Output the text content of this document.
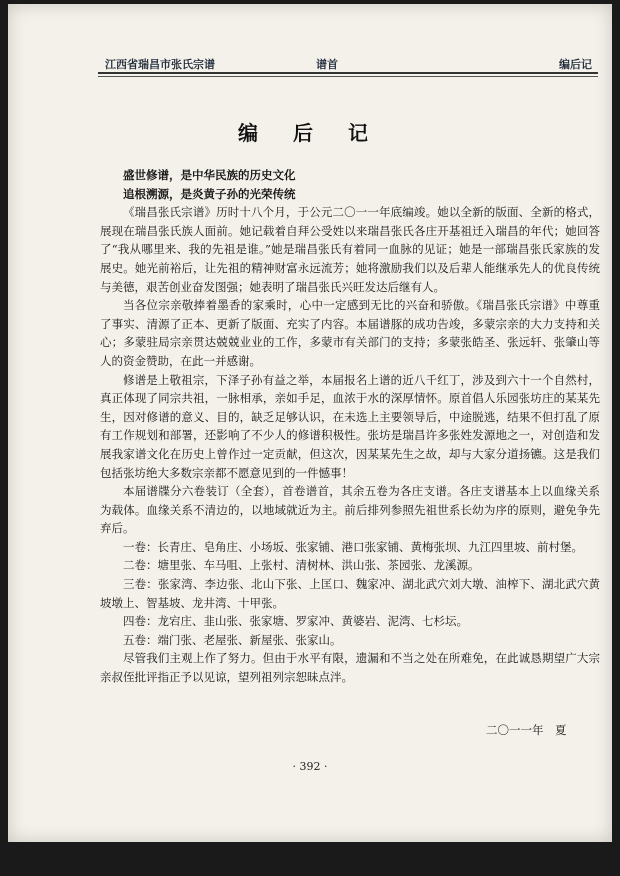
江西省瑞昌市张氏宗谱	谱首	编后记
编 后 记

盛世修谱，是中华民族的历史文化

追根溯源，是炎黄子孙的光荣传统

《瑞昌张氏宗谱》历时十八个月，于公元二〇一一年底编竣。她以全新的版面、全新的格式，展现在瑞昌张氏族人面前。她记载着自拜公受姓以来瑞昌张氏各庄开基祖迁入瑞昌的年代；她回答了“我从哪里来、我的先祖是谁。”她是瑞昌张氏有着同一血脉的见证；她是一部瑞昌张氏家族的发展史。她光前裕后，让先祖的精神财富永远流芳；她将激励我们以及后辈人能继承先人的优良传统与美德，艰苦创业奋发图强；她表明了瑞昌张氏兴旺发达后继有人。

当各位宗亲敬捧着墨香的家乘时，心中一定感到无比的兴奋和骄傲。《瑞昌张氏宗谱》中尊重了事实、清源了正本、更新了版面、充实了内容。本届谱豚的成功告竣，多蒙宗亲的大力支持和关心；多蒙驻局宗亲贯达兢兢业业的工作，多蒙市有关部门的支持；多蒙张皓圣、张远轩、张肇山等人的资金赞助，在此一并感谢。

修谱是上敬祖宗，下泽子孙有益之举，本届报名上谱的近八千红丁，涉及到六十一个自然村，真正体现了同宗共祖，一脉相承，亲如手足，血浓于水的深厚情怀。原首倡人乐园张坊庄的某某先生，因对修谱的意义、目的，缺乏足够认识，在未选上主要领导后，中途脱逃，结果不但打乱了原有工作规划和部署，还影响了不少人的修谱积极性。张坊是瑞昌许多张姓发源地之一，对创造和发展我家谱文化在历史上曾作过一定贡献，但这次，因某某先生之故，却与大家分道扬镳。这是我们包括张坊绝大多数宗亲都不愿意见到的一件憾事！

本届谱牒分六卷装订（全套），首卷谱首，其余五卷为各庄支谱。各庄支谱基本上以血缘关系为载体。血缘关系不清边的，以地域就近为主。前后排列参照先祖世系长幼为序的原则，避免争先弃后。

一卷：长青庄、皂角庄、小场坂、张家铺、港口张家铺、黄梅张坝、九江四里坡、前村堡。

二卷：塘里张、车马咀、上张村、清树林、洪山张、茶园张、龙溪源。

三卷：张家湾、李边张、北山下张、上匡口、魏家冲、湖北武穴刘大墩、油榨下、湖北武穴黄坡墩上、智基坡、龙井湾、十甲张。

四卷：龙宕庄、韭山张、张家塘、罗家冲、黄婆岩、泥湾、七杉坛。

五卷：端门张、老屋张、新屋张、张家山。

尽管我们主观上作了努力。但由于水平有限，遗漏和不当之处在所难免，在此诚恳期望广大宗亲叔侄批评指正予以见谅，望列祖列宗恕昧点泮。

二〇一一年　夏
· 392 ·
